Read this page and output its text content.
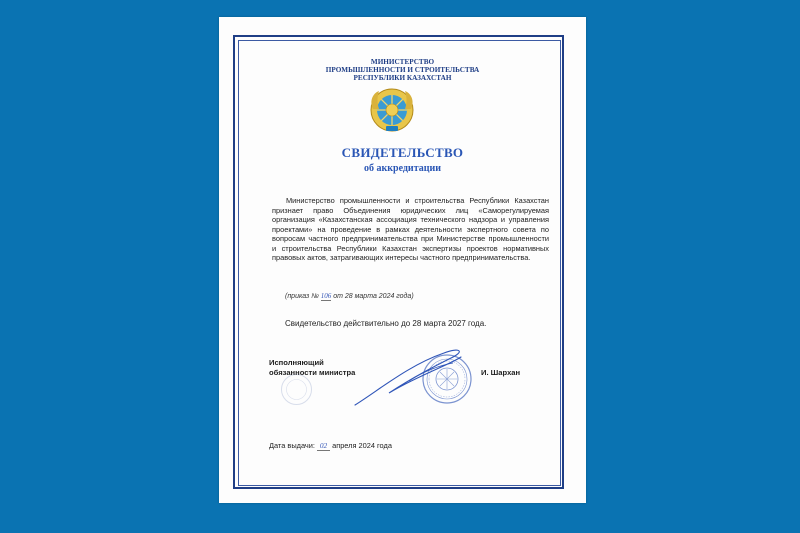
МИНИСТЕРСТВО
ПРОМЫШЛЕННОСТИ И СТРОИТЕЛЬСТВА
РЕСПУБЛИКИ КАЗАХСТАН
СВИДЕТЕЛЬСТВО
об аккредитации
Министерство промышленности и строительства Республики Казахстан признает право Объединения юридических лиц «Саморегулируемая организация «Казахстанская ассоциация технического надзора и управления проектами» на проведение в рамках деятельности экспертного совета по вопросам частного предпринимательства при Министерстве промышленности и строительства Республики Казахстан экспертизы проектов нормативных правовых актов, затрагивающих интересы частного предпринимательства.
(приказ № 106 от 28 марта 2024 года)
Свидетельство действительно до 28 марта 2027 года.
Исполняющий
обязанности министра	И. Шархан
Дата выдачи: 02 апреля 2024 года
